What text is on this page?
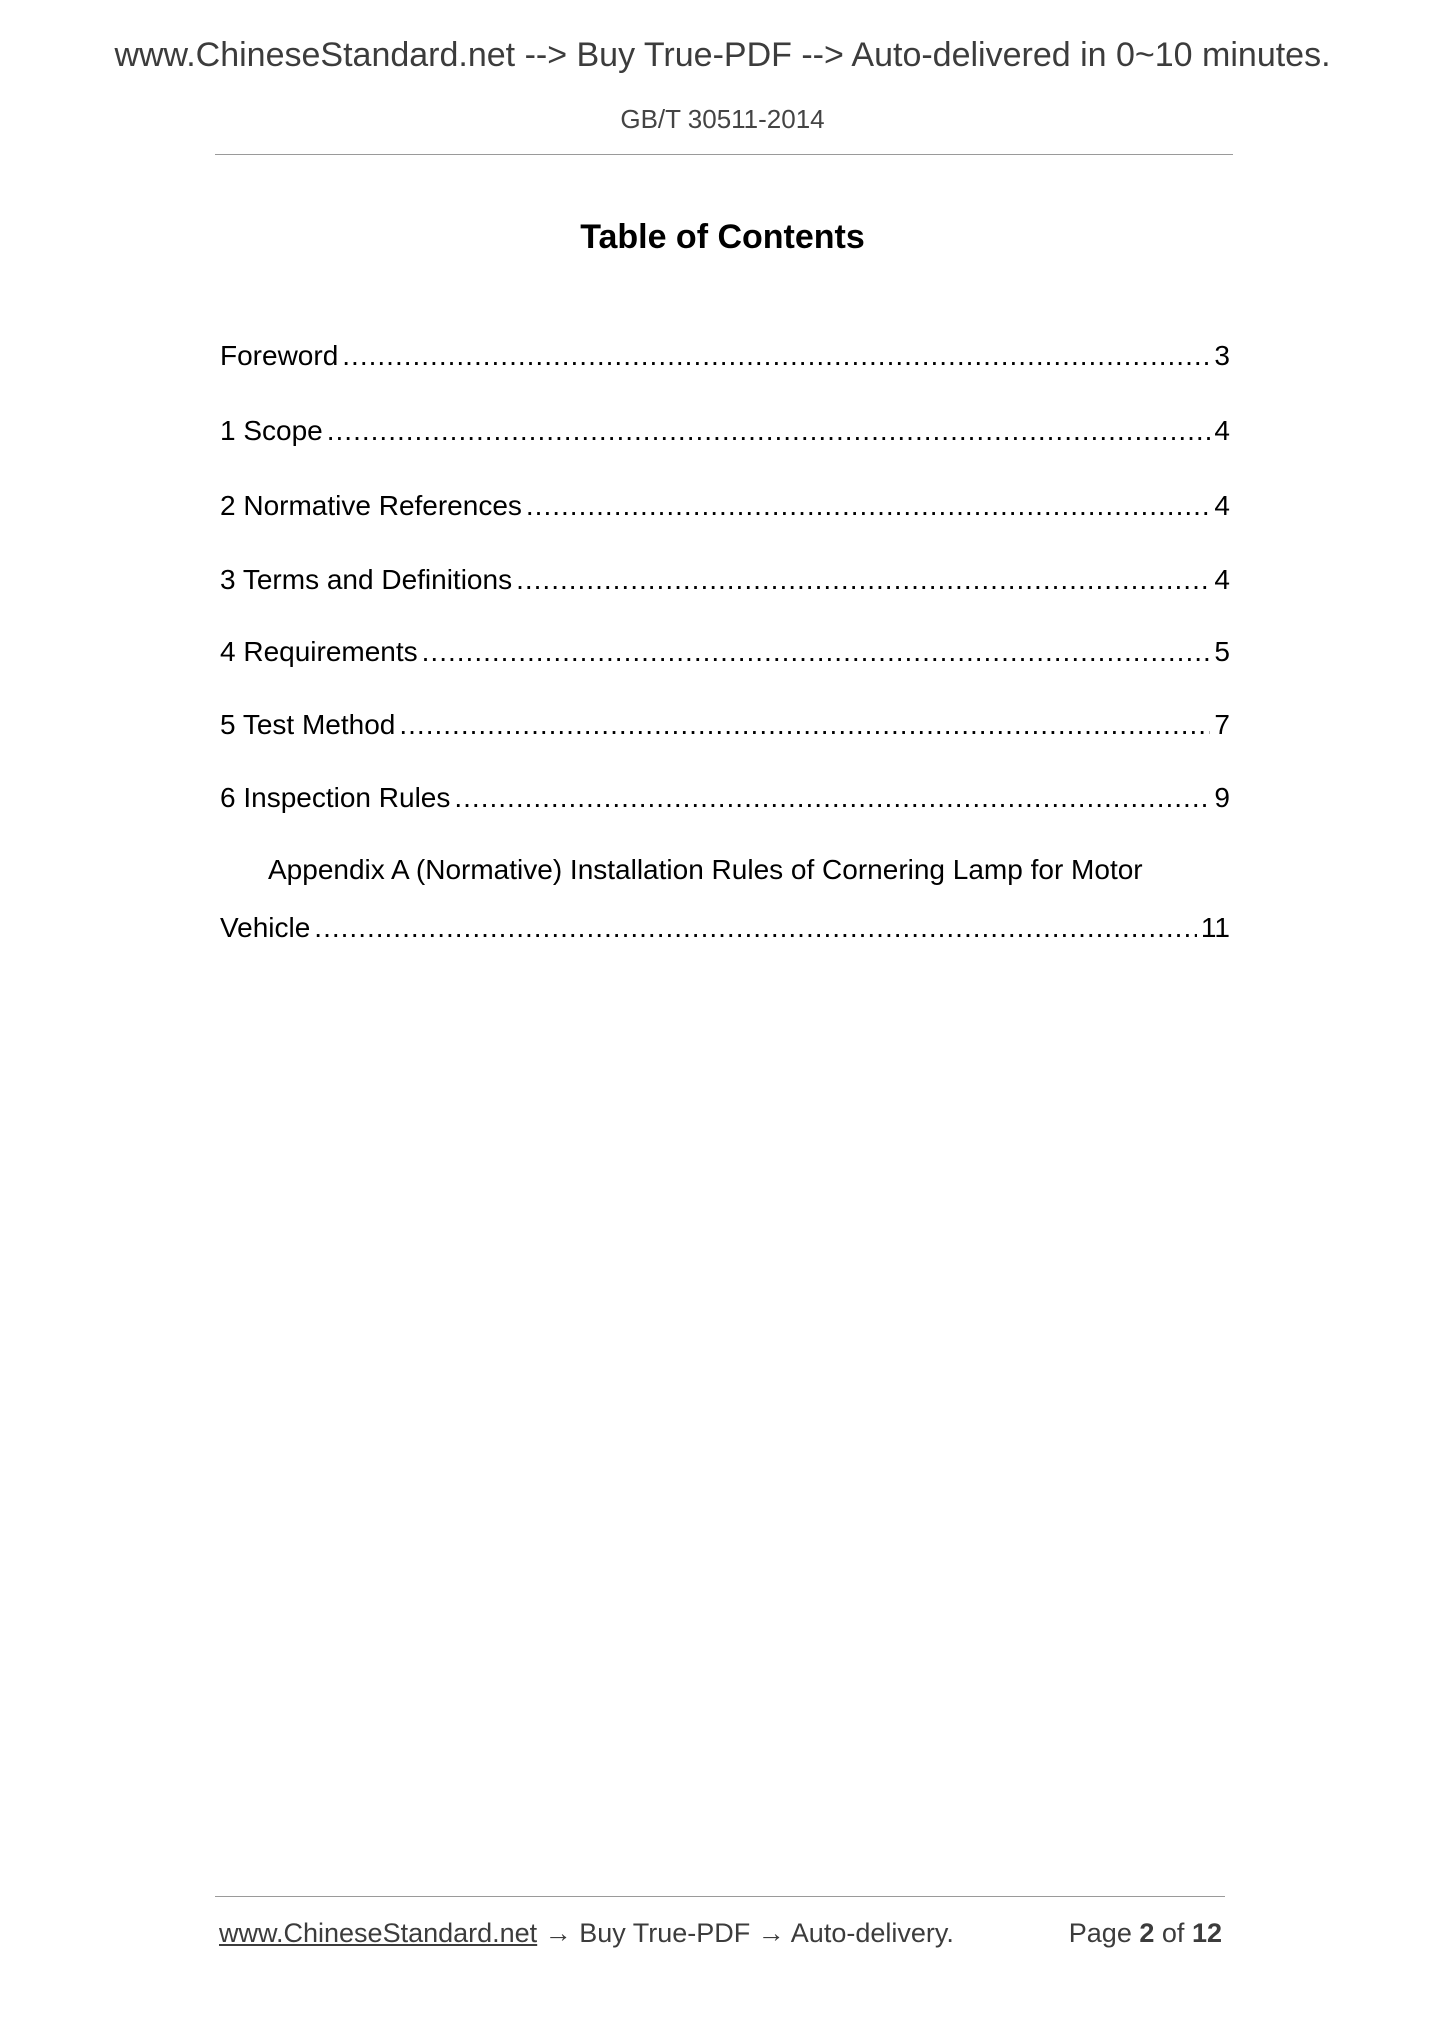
www.ChineseStandard.net --> Buy True-PDF --> Auto-delivered in 0~10 minutes.
GB/T 30511-2014
Table of Contents
Foreword .....	3
1 Scope .....	4
2 Normative References .....	4
3 Terms and Definitions .....	4
4 Requirements .....	5
5 Test Method .....	7
6 Inspection Rules .....	9
Appendix A (Normative) Installation Rules of Cornering Lamp for Motor
Vehicle .....	11
www.ChineseStandard.net → Buy True-PDF → Auto-delivery.	Page 2 of 12
